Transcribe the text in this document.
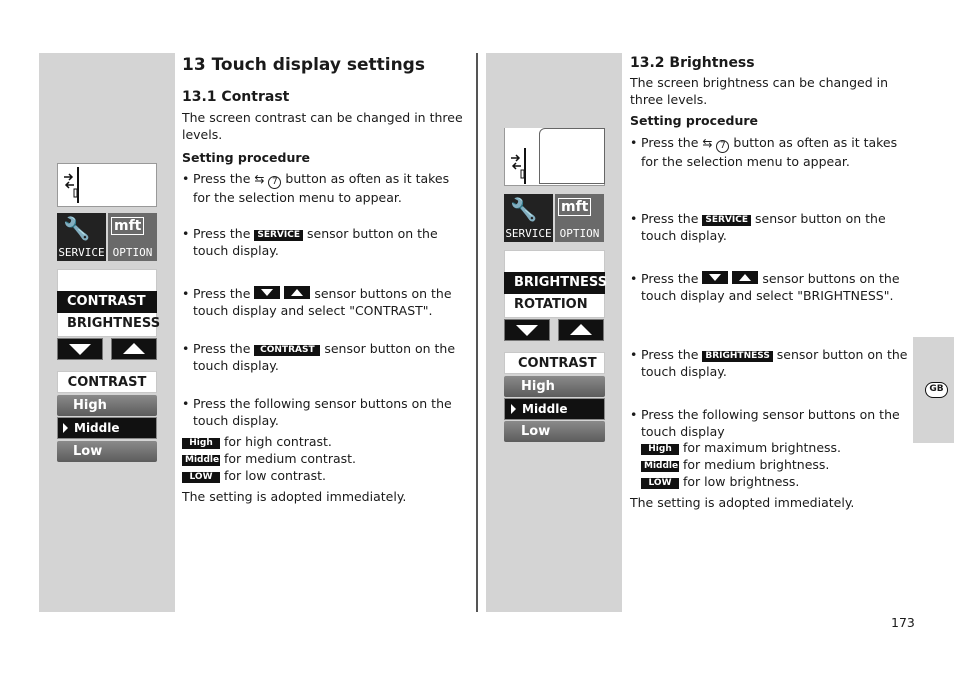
GB
🔧
SERVICE
mft
OPTION
CONTRAST
BRIGHTNESS
CONTRAST
High
Middle
Low
🔧
SERVICE
mft
OPTION
BRIGHTNESS
ROTATION
CONTRAST
High
Middle
Low
13 Touch display settings
13.1 Contrast
The screen contrast can be changed in three levels.
Setting procedure
• Press the ⇆ 7 button as often as it takes for the selection menu to appear.
• Press the SERVICE sensor button on the touch display.
• Press the
	sensor buttons on the touch display and select "CONTRAST".
• Press the CONTRAST sensor button on the touch display.
• Press the following sensor buttons on the touch display.
High for high contrast.
Middle for medium contrast.
LOW for low contrast.
The setting is adopted immediately.
13.2 Brightness
The screen brightness can be changed in three levels.
Setting procedure
• Press the ⇆ 7 button as often as it takes for the selection menu to appear.
• Press the SERVICE sensor button on the touch display.
• Press the
	sensor buttons on the touch display and select "BRIGHTNESS".
• Press the BRIGHTNESS sensor button on the touch display.
• Press the following sensor buttons on the touch display
High for maximum brightness.
Middle for medium brightness.
LOW for low brightness.
The setting is adopted immediately.
173
